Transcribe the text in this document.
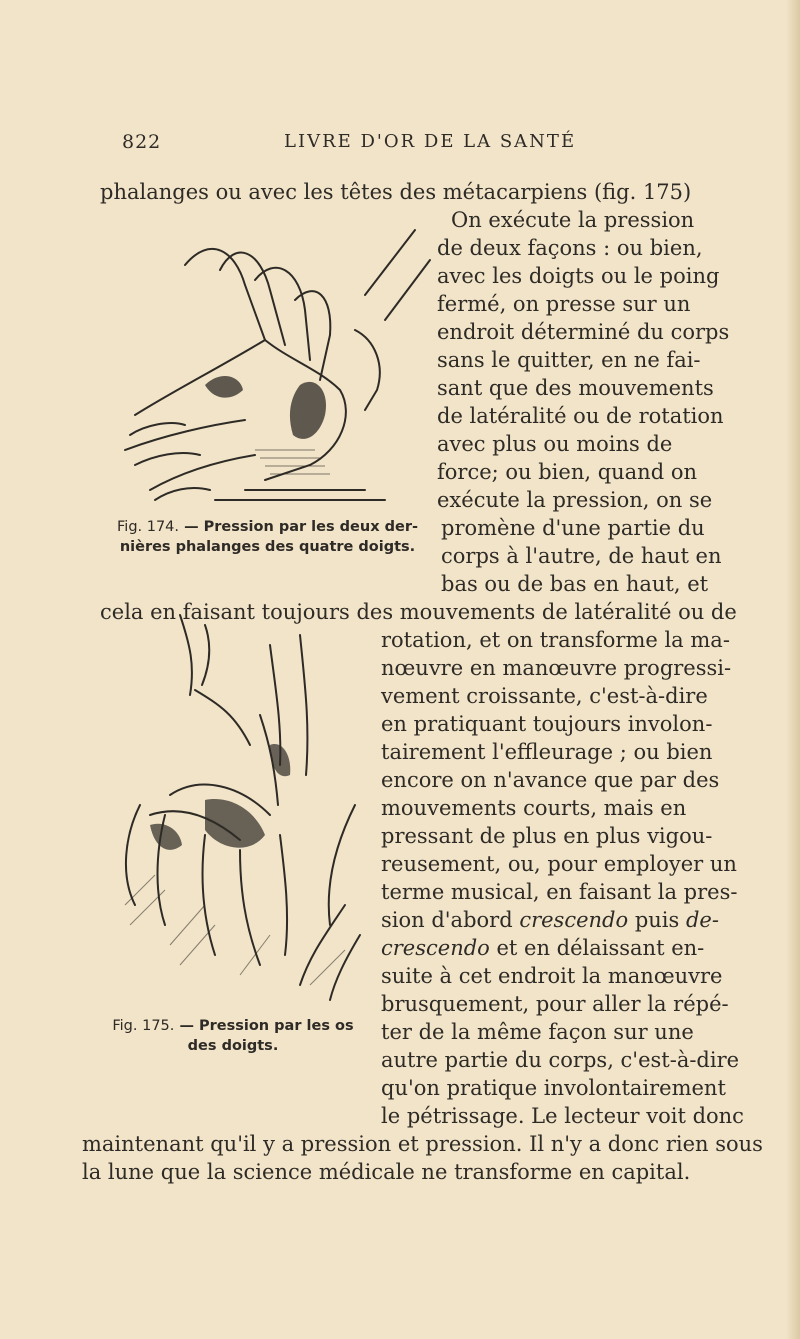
822	LIVRE D'OR DE LA SANTÉ
Fig. 174. — Pression par les deux der-
nières phalanges des quatre doigts.
Fig. 175. — Pression par les os
des doigts.
phalanges ou avec les têtes des métacarpiens (fig. 175)
On exécute la pression
de deux façons : ou bien,
avec les doigts ou le poing
fermé, on presse sur un
endroit déterminé du corps
sans le quitter, en ne fai-
sant que des mouvements
de latéralité ou de rotation
avec plus ou moins de
force; ou bien, quand on
exécute la pression, on se
promène d'une partie du
corps à l'autre, de haut en
bas ou de bas en haut, et
cela en faisant toujours des mouvements de latéralité ou de
rotation, et on transforme la ma-
nœuvre en manœuvre progressi-
vement croissante, c'est-à-dire
en pratiquant toujours involon-
tairement l'effleurage ; ou bien
encore on n'avance que par des
mouvements courts, mais en
pressant de plus en plus vigou-
reusement, ou, pour employer un
terme musical, en faisant la pres-
sion d'abord crescendo puis de-
crescendo et en délaissant en-
suite à cet endroit la manœuvre
brusquement, pour aller la répé-
ter de la même façon sur une
autre partie du corps, c'est-à-dire
qu'on pratique involontairement
le pétrissage. Le lecteur voit donc
maintenant qu'il y a pression et pression. Il n'y a donc rien sous
la lune que la science médicale ne transforme en capital.
